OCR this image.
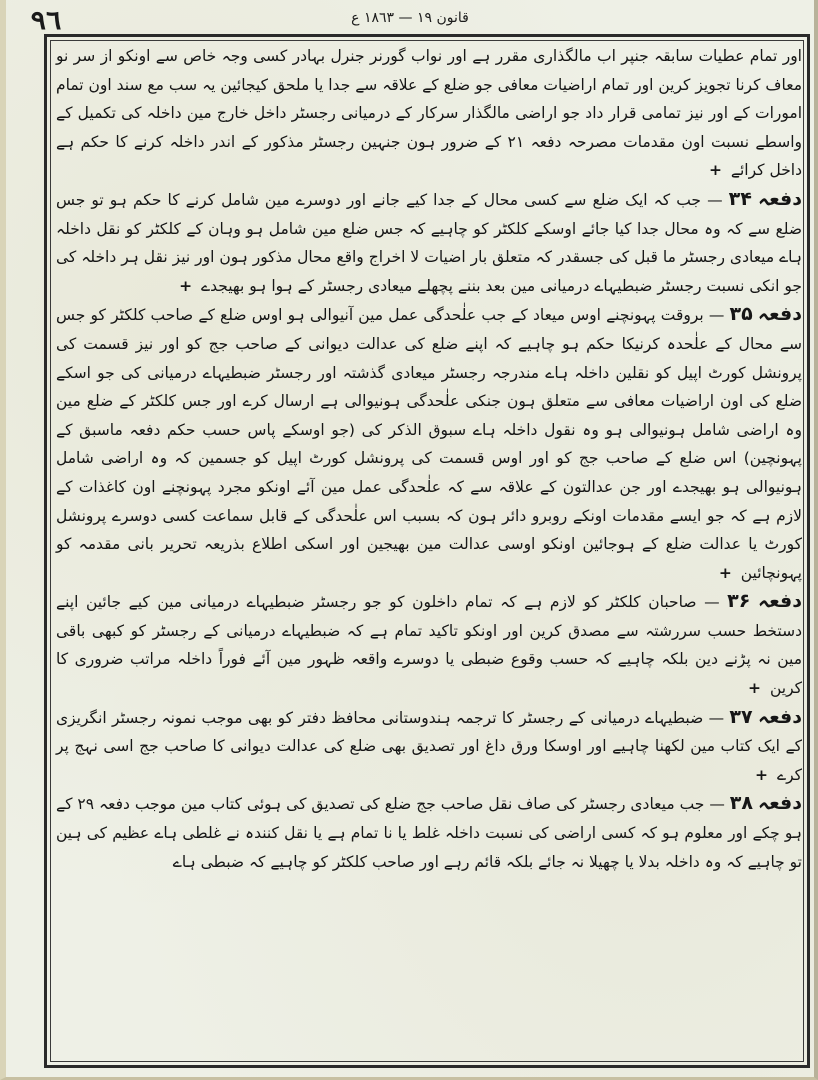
٩٦	قانون ١٩ — ١٨٦٣ ع

اور تمام عطیات سابقہ جنپر اب مالگذاری مقرر ہے اور نواب گورنر جنرل بہادر کسی وجہ خاص سے اونکو از سر نو معاف کرنا تجویز کرین اور تمام اراضیات معافی جو ضلع کے علاقہ سے جدا یا ملحق کیجائین یہ سب مع سند اون تمام امورات کے اور نیز تمامی قرار داد جو اراضی مالگذار سرکار کے درمیانی رجسٹر داخل خارج مین داخلہ کی تکمیل کے واسطے نسبت اون مقدمات مصرحہ دفعہ ۲۱ کے ضرور ہون جنہین رجسٹر مذکور کے اندر داخلہ کرنے کا حکم ہے داخل کرائے +

دفعہ ۳۴ — جب کہ ایک ضلع سے کسی محال کے جدا کیے جانے اور دوسرے مین شامل کرنے کا حکم ہو تو جس ضلع سے کہ وہ محال جدا کیا جائے اوسکے کلکٹر کو چاہیے کہ جس ضلع مین شامل ہو وہان کے کلکٹر کو نقل داخلہ ہاے میعادی رجسٹر ما قبل کی جسقدر کہ متعلق بار اضیات لا اخراج واقع محال مذکور ہون اور نیز نقل ہر داخلہ کی جو انکی نسبت رجسٹر ضبطیہاے درمیانی مین بعد بننے پچھلے میعادی رجسٹر کے ہوا ہو بھیجدے +

دفعہ ۳۵ — بروقت پہونچنے اوس میعاد کے جب علٰحدگی عمل مین آنیوالی ہو اوس ضلع کے صاحب کلکٹر کو جس سے محال کے علٰحدہ کرنیکا حکم ہو چاہیے کہ اپنے ضلع کی عدالت دیوانی کے صاحب جج کو اور نیز قسمت کی پرونشل کورٹ اپیل کو نقلین داخلہ ہاے مندرجہ رجسٹر میعادی گذشتہ اور رجسٹر ضبطیہاے درمیانی کی جو اسکے ضلع کی اون اراضیات معافی سے متعلق ہون جنکی علٰحدگی ہونیوالی ہے ارسال کرے اور جس کلکٹر کے ضلع مین وہ اراضی شامل ہونیوالی ہو وہ نقول داخلہ ہاے سبوق الذکر کی (جو اوسکے پاس حسب حکم دفعہ ماسبق کے پہونچین) اس ضلع کے صاحب جج کو اور اوس قسمت کی پرونشل کورٹ اپیل کو جسمین کہ وہ اراضی شامل ہونیوالی ہو بھیجدے اور جن عدالتون کے علاقہ سے کہ علٰحدگی عمل مین آئے اونکو مجرد پہونچنے اون کاغذات کے لازم ہے کہ جو ایسے مقدمات اونکے روبرو دائر ہون کہ بسبب اس علٰحدگی کے قابل سماعت کسی دوسرے پرونشل کورٹ یا عدالت ضلع کے ہوجائین اونکو اوسی عدالت مین بھیجین اور اسکی اطلاع بذریعہ تحریر بانی مقدمہ کو پہونچائین +

دفعہ ۳۶ — صاحبان کلکٹر کو لازم ہے کہ تمام داخلون کو جو رجسٹر ضبطیہاے درمیانی مین کیے جائین اپنے دستخط حسب سررشتہ سے مصدق کرین اور اونکو تاکید تمام ہے کہ ضبطیہاے درمیانی کے رجسٹر کو کبھی باقی مین نہ پڑنے دین بلکہ چاہیے کہ حسب وقوع ضبطی یا دوسرے واقعہ ظہور مین آئے فوراً داخلہ مراتب ضروری کا کرین +

دفعہ ۳۷ — ضبطیہاے درمیانی کے رجسٹر کا ترجمہ ہندوستانی محافظ دفتر کو بھی موجب نمونہ رجسٹر انگریزی کے ایک کتاب مین لکھنا چاہیے اور اوسکا ورق داغ اور تصدیق بھی ضلع کی عدالت دیوانی کا صاحب جج اسی نہج پر کرے +

دفعہ ۳۸ — جب میعادی رجسٹر کی صاف نقل صاحب جج ضلع کی تصدیق کی ہوئی کتاب مین موجب دفعہ ۲۹ کے ہو چکے اور معلوم ہو کہ کسی اراضی کی نسبت داخلہ غلط یا نا تمام ہے یا نقل کنندہ نے غلطی ہاے عظیم کی ہین تو چاہیے کہ وہ داخلہ بدلا یا چھیلا نہ جائے بلکہ قائم رہے اور صاحب کلکٹر کو چاہیے کہ ضبطی ہاے
